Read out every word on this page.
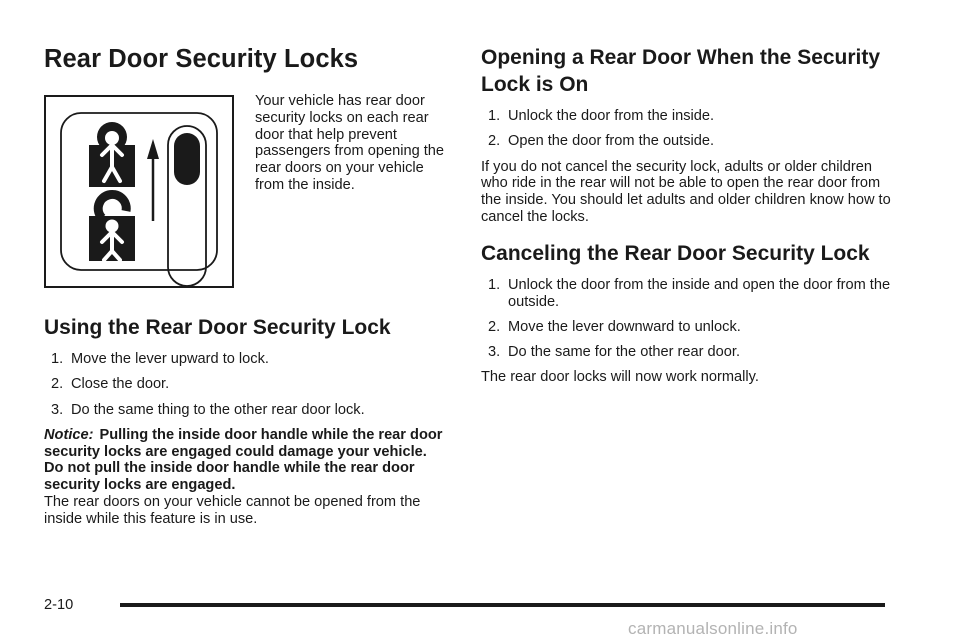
Rear Door Security Locks

Your vehicle has rear door security locks on each rear door that help prevent passengers from opening the rear doors on your vehicle from the inside.

Using the Rear Door Security Lock
1. Move the lever upward to lock.
2. Close the door.
3. Do the same thing to the other rear door lock.

Notice: Pulling the inside door handle while the rear door security locks are engaged could damage your vehicle. Do not pull the inside door handle while the rear door security locks are engaged.

The rear doors on your vehicle cannot be opened from the inside while this feature is in use.

Opening a Rear Door When the Security Lock is On
1. Unlock the door from the inside.
2. Open the door from the outside.

If you do not cancel the security lock, adults or older children who ride in the rear will not be able to open the rear door from the inside. You should let adults and older children know how to cancel the locks.

Canceling the Rear Door Security Lock
1. Unlock the door from the inside and open the door from the outside.
2. Move the lever downward to unlock.
3. Do the same for the other rear door.

The rear door locks will now work normally.

2-10
carmanualsonline.info
